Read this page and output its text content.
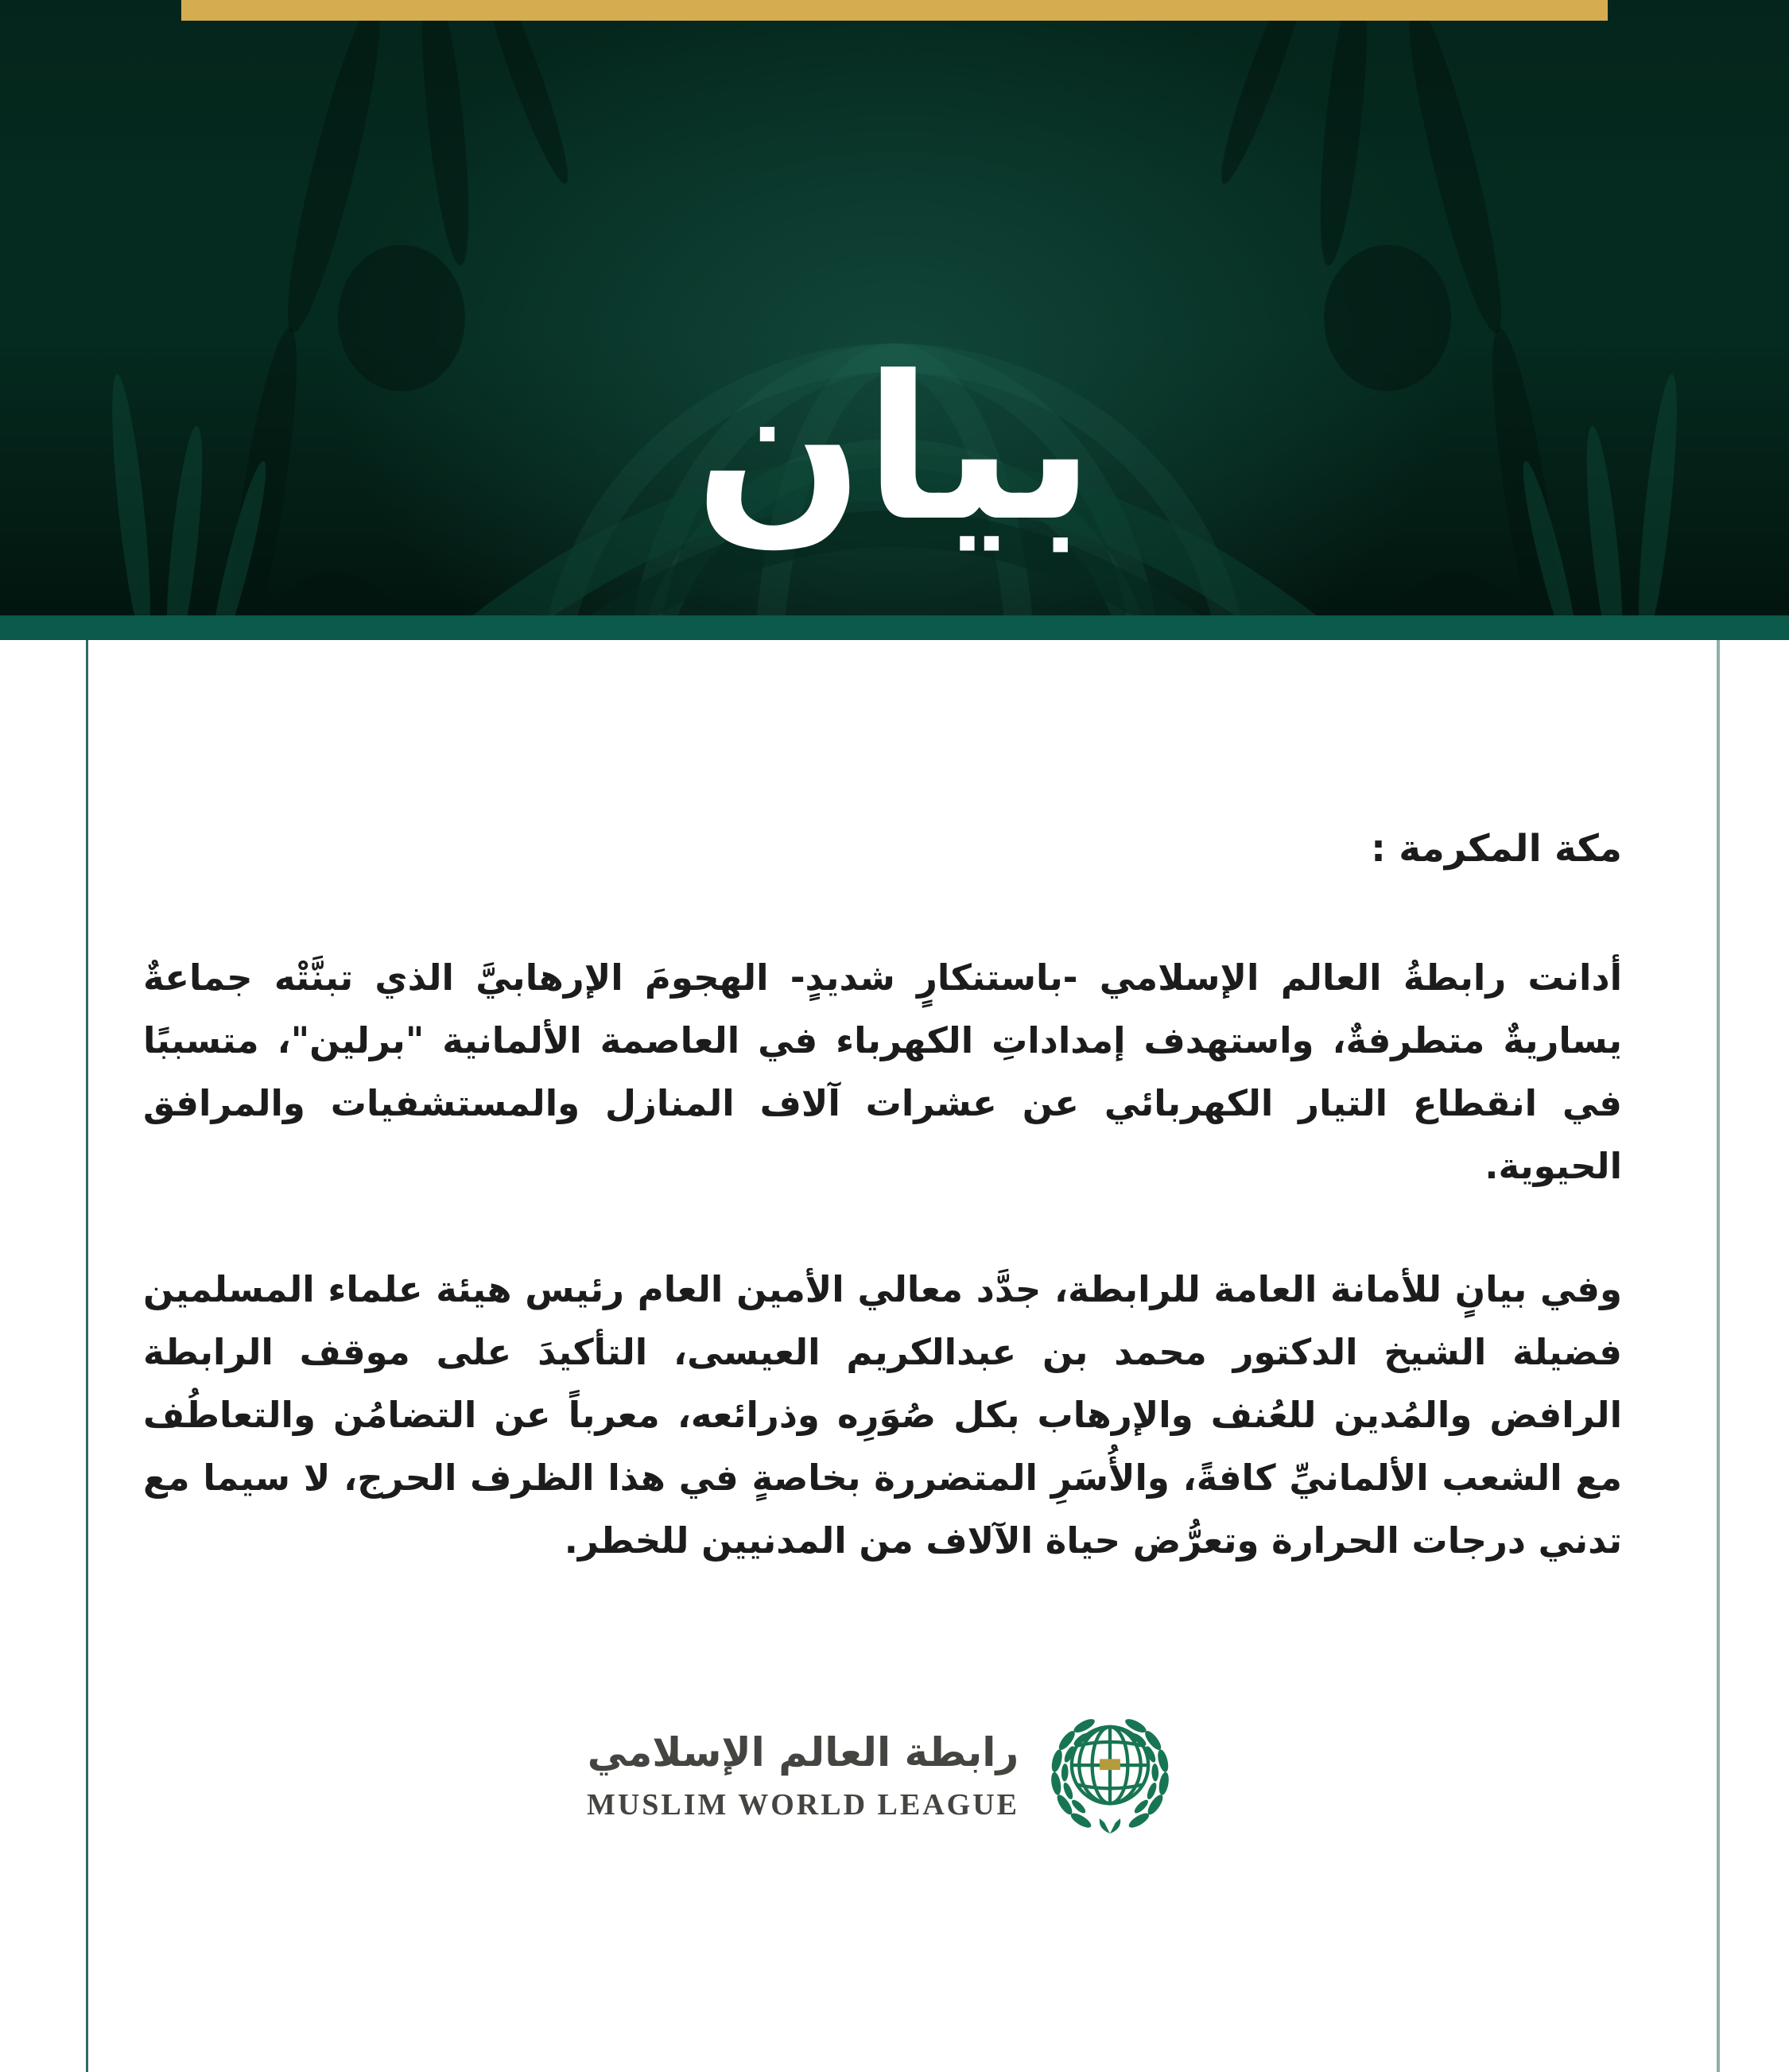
بيان
مكة المكرمة :
أدانت رابطةُ العالم الإسلامي -باستنكارٍ شديدٍ- الهجومَ الإرهابيَّ الذي تبنَّتْه جماعةٌ يساريةٌ متطرفةٌ، واستهدف إمداداتِ الكهرباء في العاصمة الألمانية "برلين"، متسببًا في انقطاع التيار الكهربائي عن عشرات آلاف المنازل والمستشفيات والمرافق الحيوية.
وفي بيانٍ للأمانة العامة للرابطة، جدَّد معالي الأمين العام رئيس هيئة علماء المسلمين فضيلة الشيخ الدكتور محمد بن عبدالكريم العيسى، التأكيدَ على موقف الرابطة الرافض والمُدين للعُنف والإرهاب بكل صُوَرِه وذرائعه، معرباً عن التضامُن والتعاطُف مع الشعب الألمانيِّ كافةً، والأُسَرِ المتضررة بخاصةٍ في هذا الظرف الحرج، لا سيما مع تدني درجات الحرارة وتعرُّض حياة الآلاف من المدنيين للخطر.
رابطة العالم الإسلامي
MUSLIM WORLD LEAGUE
